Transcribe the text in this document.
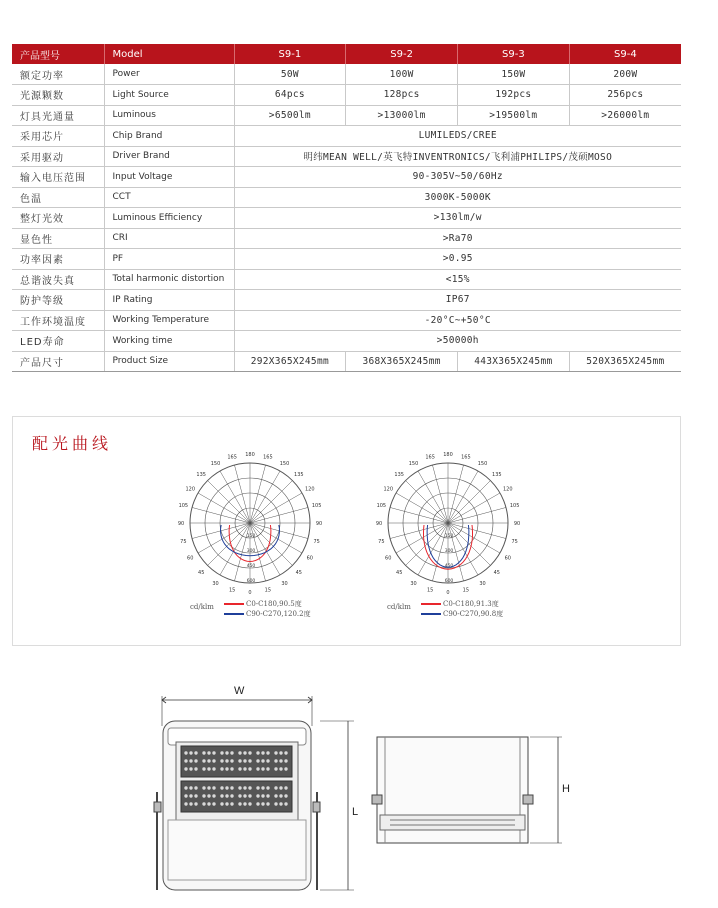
产品型号	Model	S9-1	S9-2	S9-3	S9-4
额定功率	Power	50W	100W	150W	200W
光源颗数	Light Source	64pcs	128pcs	192pcs	256pcs
灯具光通量	Luminous	>6500lm	>13000lm	>19500lm	>26000lm
采用芯片	Chip Brand	LUMILEDS/CREE			
采用驱动	Driver Brand	明纬MEAN WELL/英飞特INVENTRONICS/飞利浦PHILIPS/茂硕MOSO			
输入电压范围	Input Voltage	90-305V~50/60Hz			
色温	CCT	3000K-5000K			
整灯光效	Luminous Efficiency	>130lm/w			
显色性	CRI	>Ra70			
功率因素	PF	>0.95			
总谐波失真	Total harmonic distortion	<15%			
防护等级	IP Rating	IP67			
工作环境温度	Working Temperature	-20°C~+50°C			
LED寿命	Working time	>50000h			
产品尺寸	Product Size	292X365X245mm	368X365X245mm	443X365X245mm	520X365X245mm
配光曲线
180 165
165
150
150
135
135
120
120
105
105
90
90
75
75
60
60
45
45
30
30
15
15	0
150
300
450
600
180 165
165
150
150
135
135
120
120
105
105
90
90
75
75
60
60
45
45
30
30
15
15	0
150
300
450
600
cd/klm	C0-C180,90.5度
C90-C270,120.2度
cd/klm	C0-C180,91.3度
C90-C270,90.8度
W
L
H
